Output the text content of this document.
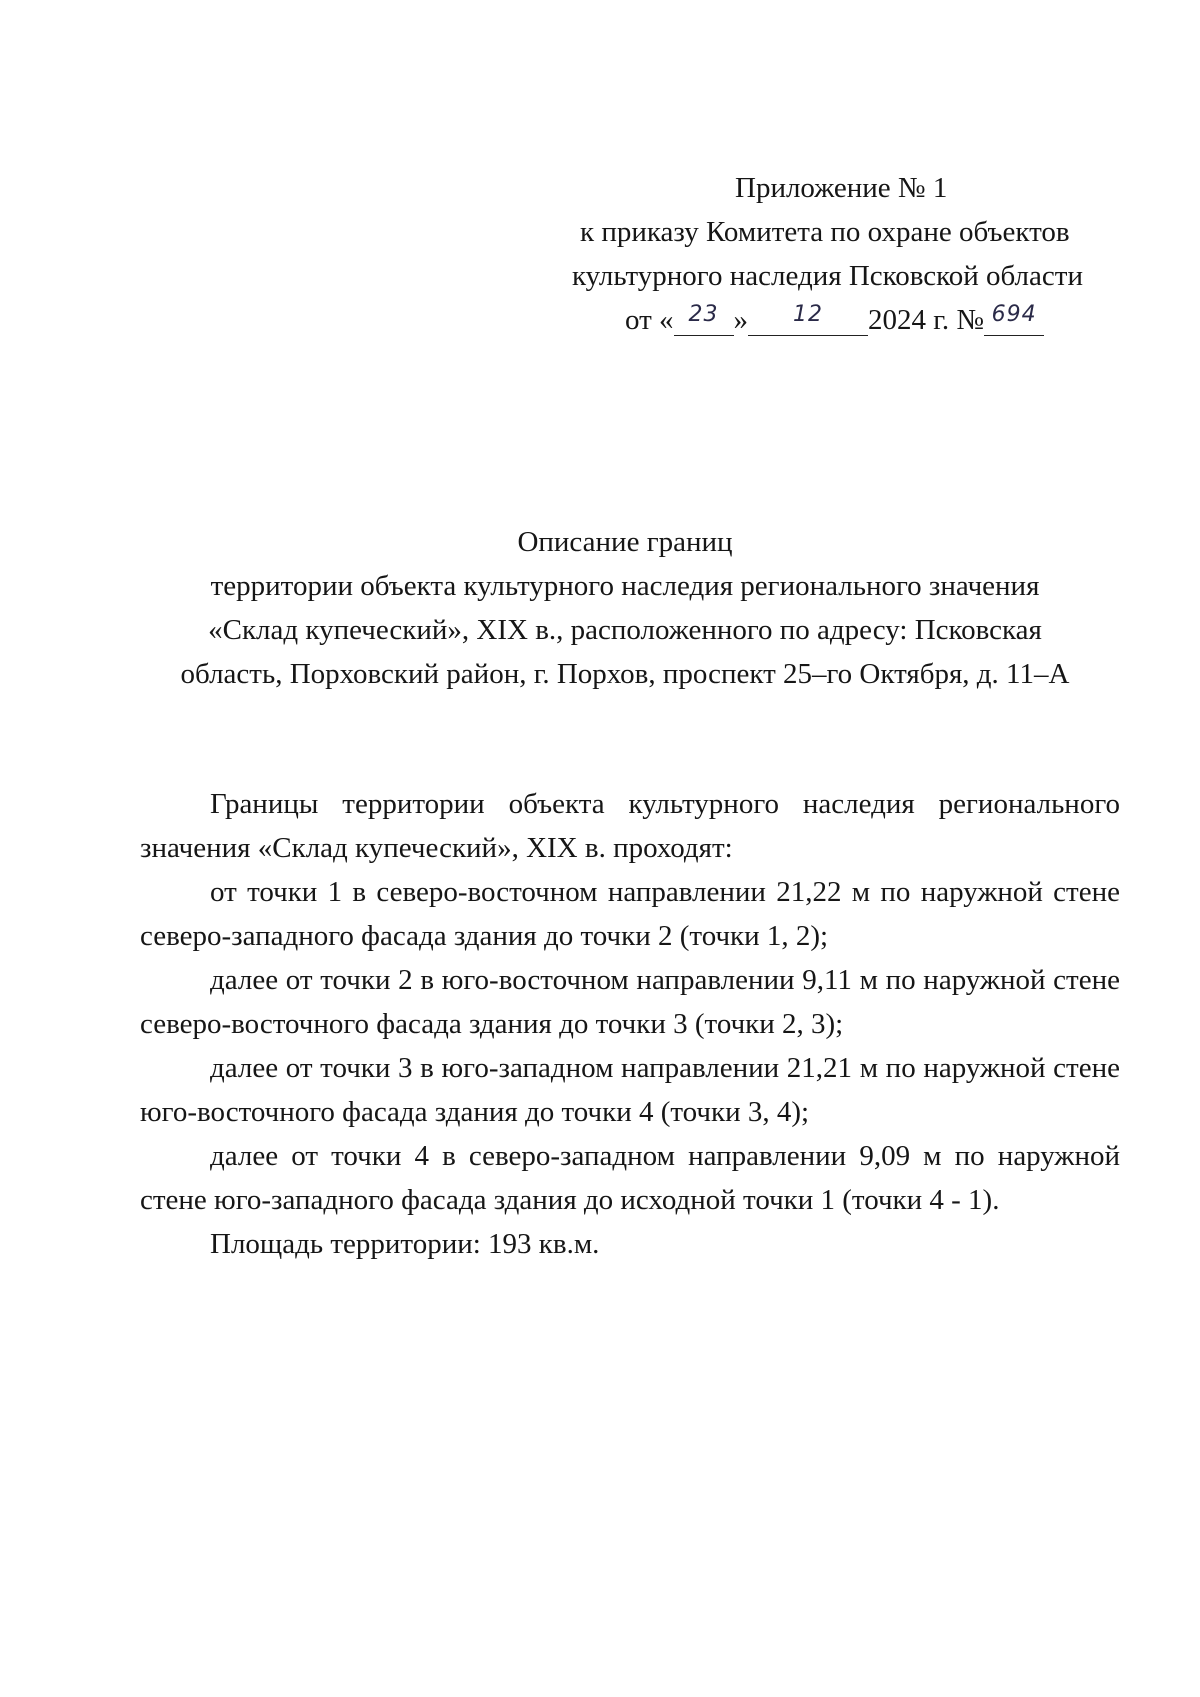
Приложение № 1
к приказу Комитета по охране объектов
культурного наследия Псковской области
от « $^{23}$ » $^{12}$ 2024 г. № $^{694}$
Описание границ
территории объекта культурного наследия регионального значения
«Склад купеческий», XIX в., расположенного по адресу: Псковская
область, Порховский район, г. Порхов, проспект 25–го Октября, д. 11–А

Границы территории объекта культурного наследия регионального значения «Склад купеческий», XIX в. проходят:

от точки 1 в северо-восточном направлении 21,22 м по наружной стене северо-западного фасада здания до точки 2 (точки 1, 2);

далее от точки 2 в юго-восточном направлении 9,11 м по наружной стене северо-восточного фасада здания до точки 3 (точки 2, 3);

далее от точки 3 в юго-западном направлении 21,21 м по наружной стене юго-восточного фасада здания до точки 4 (точки 3, 4);

далее от точки 4 в северо-западном направлении 9,09 м по наружной стене юго-западного фасада здания до исходной точки 1 (точки 4 - 1).

Площадь территории: 193 кв.м.
